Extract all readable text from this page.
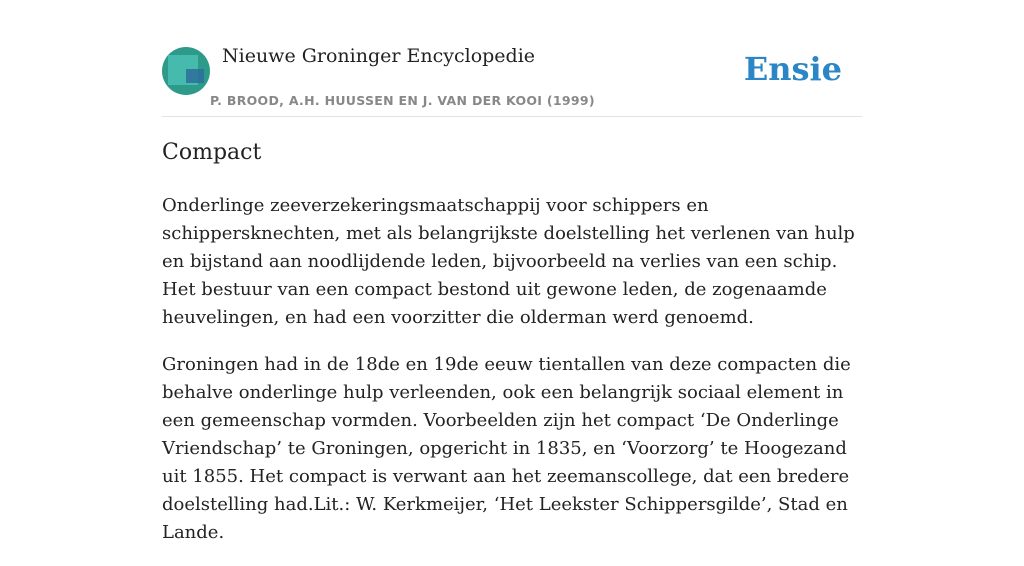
Nieuwe Groninger Encyclopedie
P. BROOD, A.H. HUUSSEN EN J. VAN DER KOOI (1999)
Ensie
Compact

Onderlinge zeeverzekeringsmaatschappij voor schippers en schippersknechten, met als belangrijkste doelstelling het verlenen van hulp en bijstand aan noodlijdende leden, bijvoorbeeld na verlies van een schip. Het bestuur van een compact bestond uit gewone leden, de zogenaamde heuvelingen, en had een voorzitter die olderman werd genoemd.

Groningen had in de 18de en 19de eeuw tientallen van deze compacten die behalve onderlinge hulp verleenden, ook een belangrijk sociaal element in een gemeenschap vormden. Voorbeelden zijn het compact ‘De Onderlinge Vriendschap’ te Groningen, opgericht in 1835, en ‘Voorzorg’ te Hoogezand uit 1855. Het compact is verwant aan het zeemanscollege, dat een bredere doelstelling had.Lit.: W. Kerkmeijer, ‘Het Leekster Schippersgilde’, Stad en Lande.
